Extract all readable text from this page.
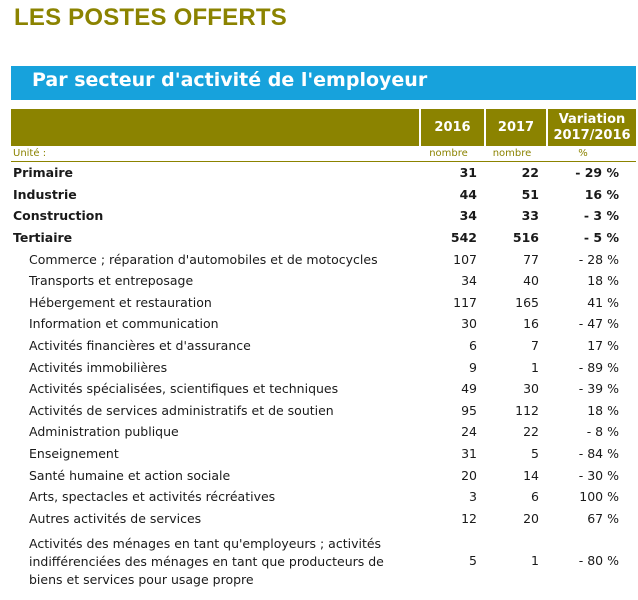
LES POSTES OFFERTS
Par secteur d'activité de l'employeur
	2016	2017	Variation
2017/2016
Unité :	nombre	nombre	%
Primaire	31	22	- 29 %
Industrie	44	51	16 %
Construction	34	33	- 3 %
Tertiaire	542	516	- 5 %
Commerce ; réparation d'automobiles et de motocycles	107	77	- 28 %
Transports et entreposage	34	40	18 %
Hébergement et restauration	117	165	41 %
Information et communication	30	16	- 47 %
Activités financières et d'assurance	6	7	17 %
Activités immobilières	9	1	- 89 %
Activités spécialisées, scientifiques et techniques	49	30	- 39 %
Activités de services administratifs et de soutien	95	112	18 %
Administration publique	24	22	- 8 %
Enseignement	31	5	- 84 %
Santé humaine et action sociale	20	14	- 30 %
Arts, spectacles et activités récréatives	3	6	100 %
Autres activités de services	12	20	67 %
Activités des ménages en tant qu'employeurs ; activités indifférenciées des ménages en tant que producteurs de biens et services pour usage propre	5	1	- 80 %
